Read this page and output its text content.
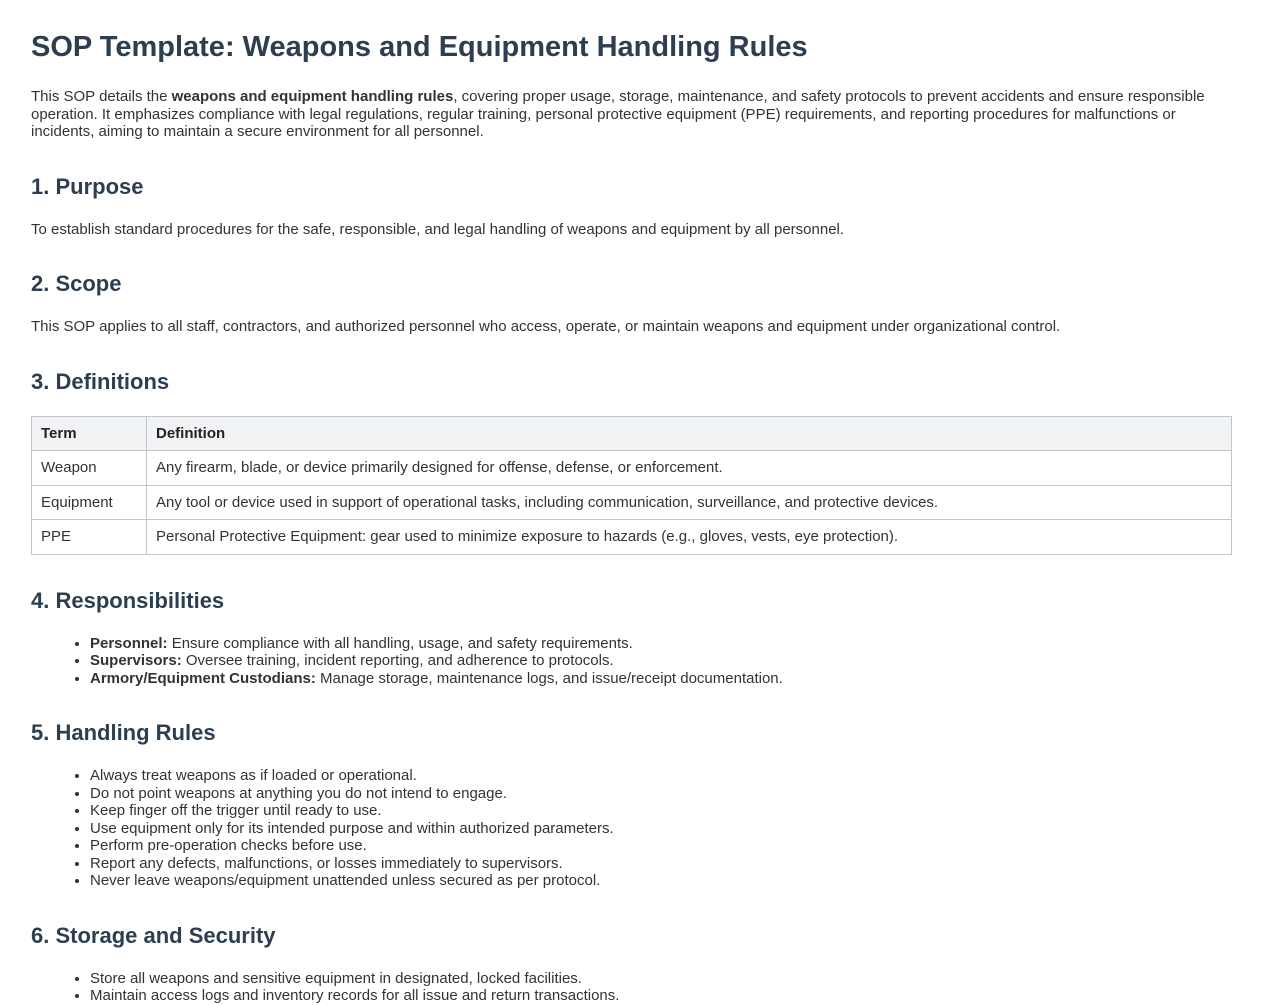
SOP Template: Weapons and Equipment Handling Rules

This SOP details the weapons and equipment handling rules, covering proper usage, storage, maintenance, and safety protocols to prevent accidents and ensure responsible operation. It emphasizes compliance with legal regulations, regular training, personal protective equipment (PPE) requirements, and reporting procedures for malfunctions or incidents, aiming to maintain a secure environment for all personnel.

1. Purpose

To establish standard procedures for the safe, responsible, and legal handling of weapons and equipment by all personnel.

2. Scope

This SOP applies to all staff, contractors, and authorized personnel who access, operate, or maintain weapons and equipment under organizational control.

3. Definitions
Term	Definition
Weapon	Any firearm, blade, or device primarily designed for offense, defense, or enforcement.
Equipment	Any tool or device used in support of operational tasks, including communication, surveillance, and protective devices.
PPE	Personal Protective Equipment: gear used to minimize exposure to hazards (e.g., gloves, vests, eye protection).
4. Responsibilities
• Personnel: Ensure compliance with all handling, usage, and safety requirements.
• Supervisors: Oversee training, incident reporting, and adherence to protocols.
• Armory/Equipment Custodians: Manage storage, maintenance logs, and issue/receipt documentation.
5. Handling Rules
• Always treat weapons as if loaded or operational.
• Do not point weapons at anything you do not intend to engage.
• Keep finger off the trigger until ready to use.
• Use equipment only for its intended purpose and within authorized parameters.
• Perform pre-operation checks before use.
• Report any defects, malfunctions, or losses immediately to supervisors.
• Never leave weapons/equipment unattended unless secured as per protocol.
6. Storage and Security
• Store all weapons and sensitive equipment in designated, locked facilities.
• Maintain access logs and inventory records for all issue and return transactions.
